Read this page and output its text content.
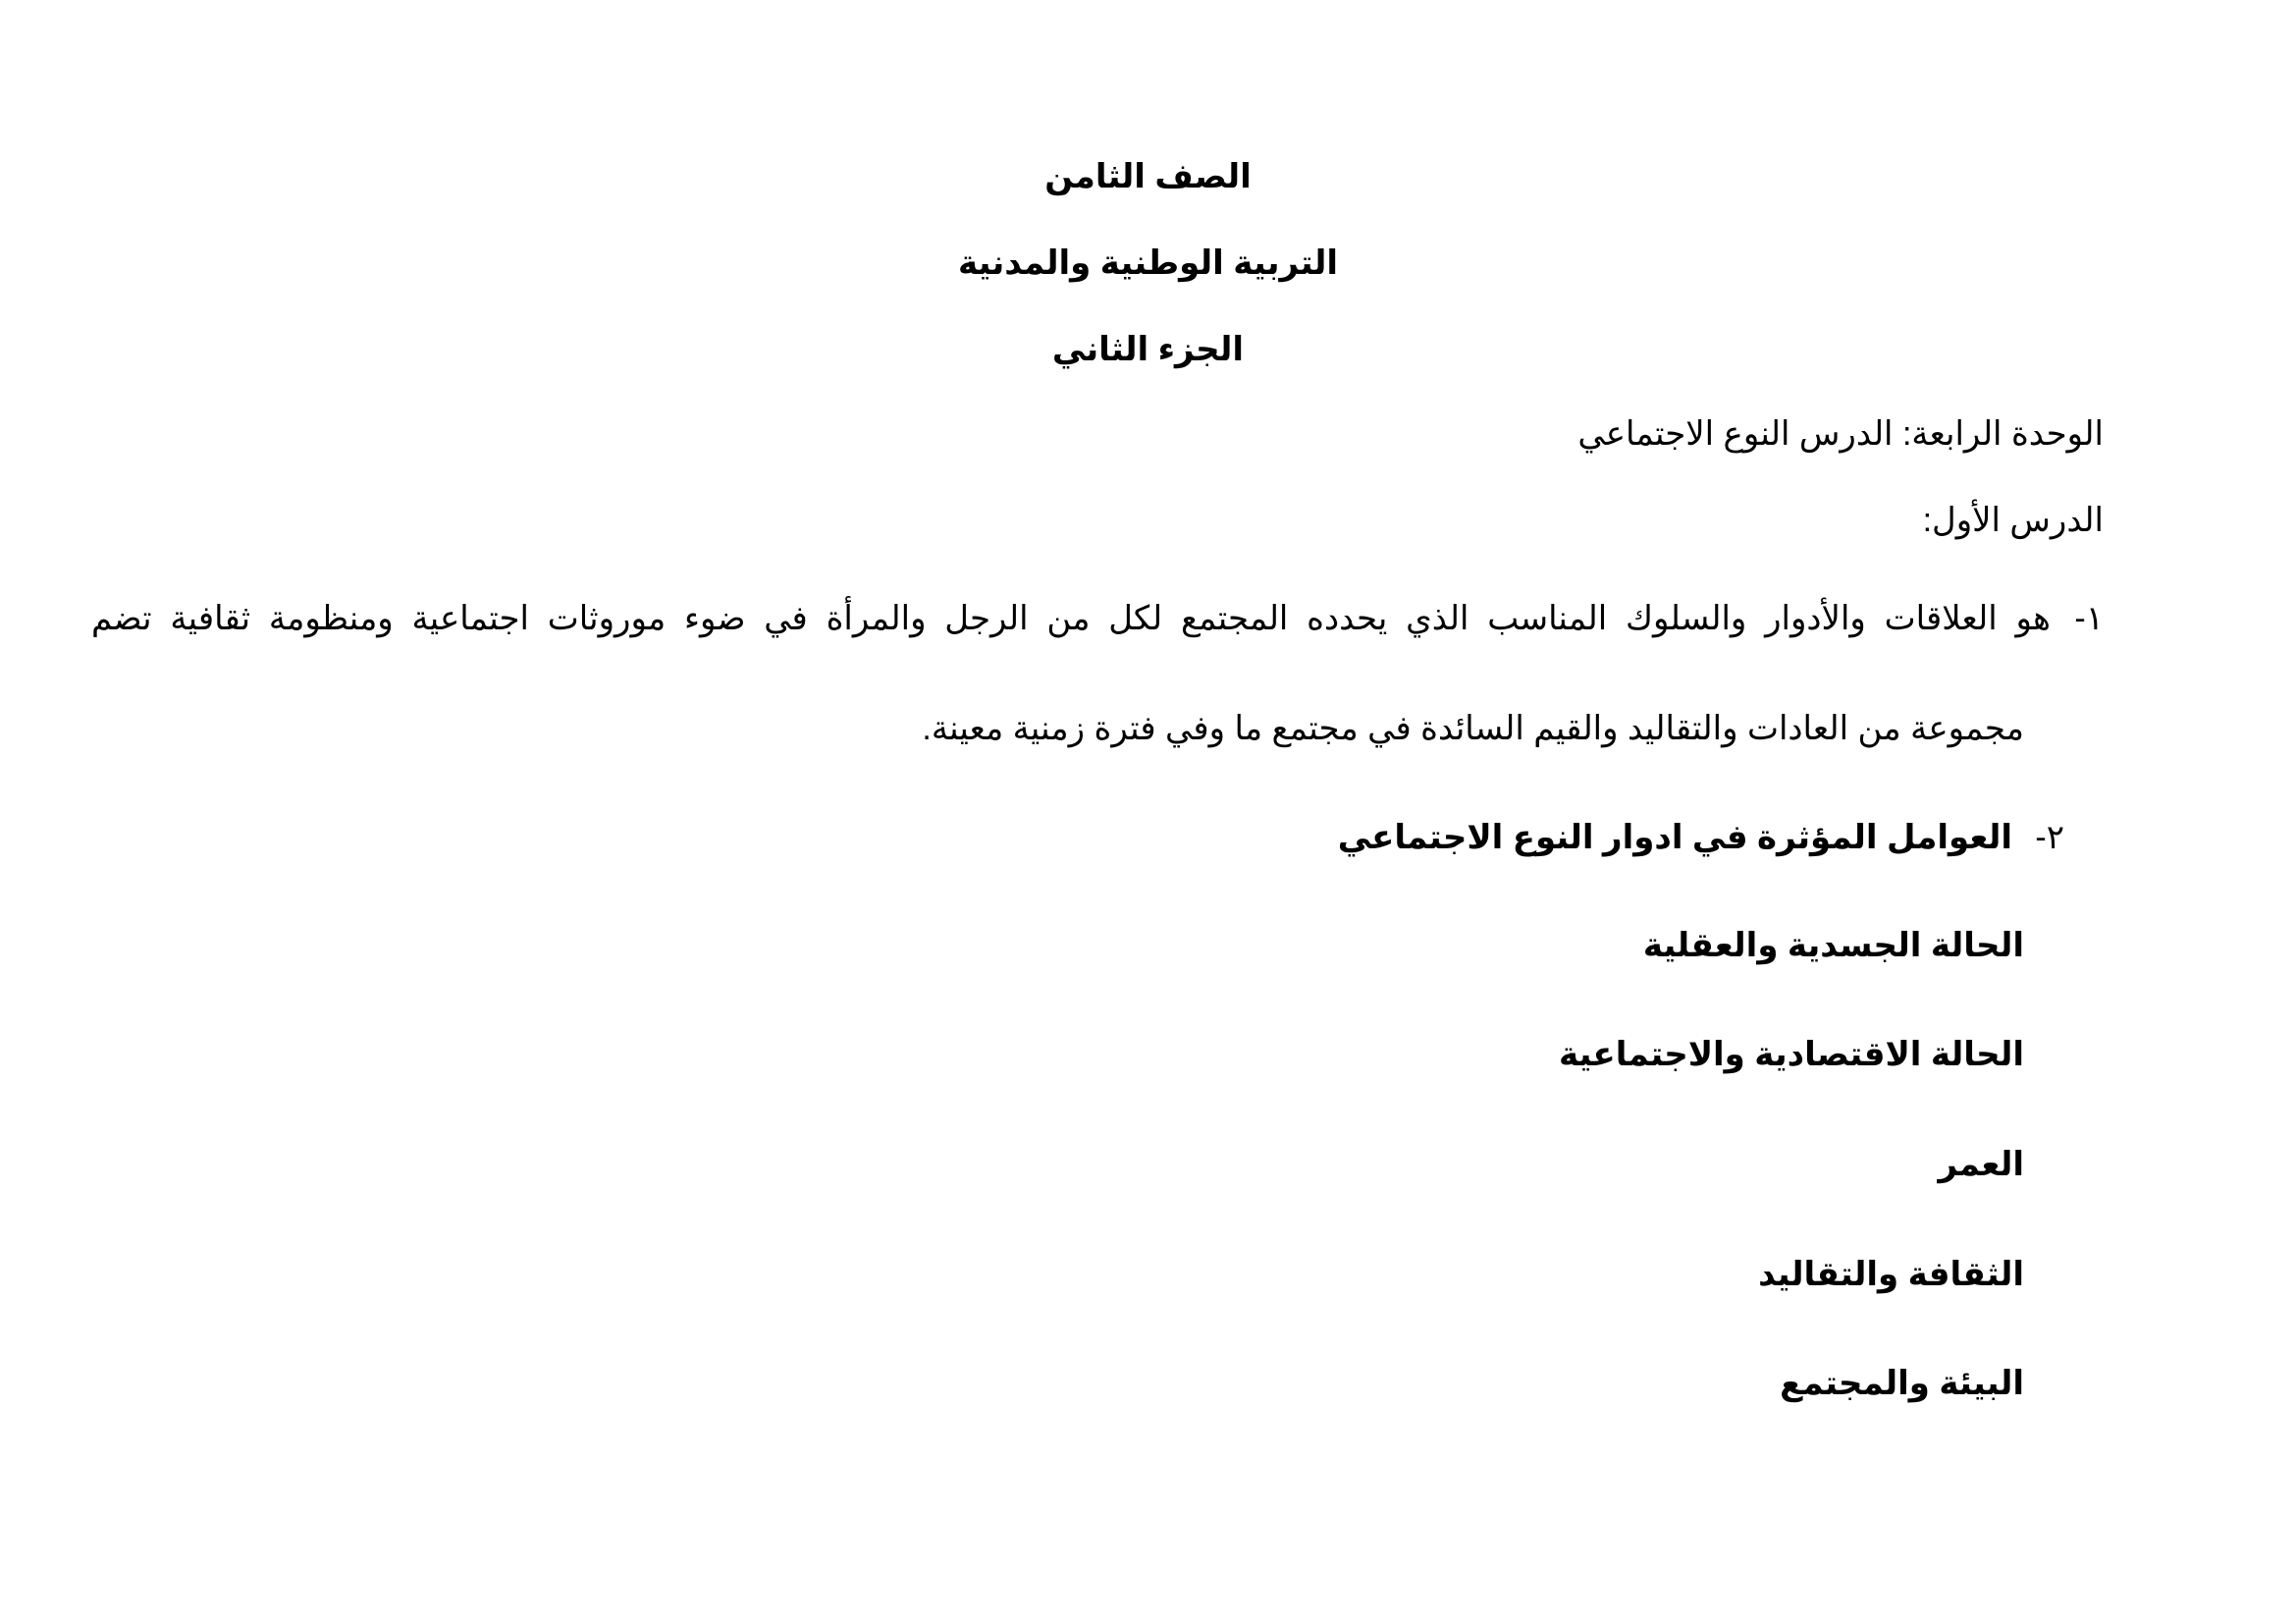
الصف الثامن
التربية الوطنية والمدنية
الجزء الثاني

الوحدة الرابعة: الدرس النوع الاجتماعي

الدرس الأول:

١-

هو العلاقات والأدوار والسلوك المناسب الذي يحدده المجتمع لكل من الرجل والمرأة في ضوء موروثات اجتماعية ومنظومة ثقافية تضم

مجموعة من العادات والتقاليد والقيم السائدة في مجتمع ما وفي فترة زمنية معينة.

٢-

العوامل المؤثرة في ادوار النوع الاجتماعي

الحالة الجسدية والعقلية

الحالة الاقتصادية والاجتماعية

العمر

الثقافة والتقاليد

البيئة والمجتمع
